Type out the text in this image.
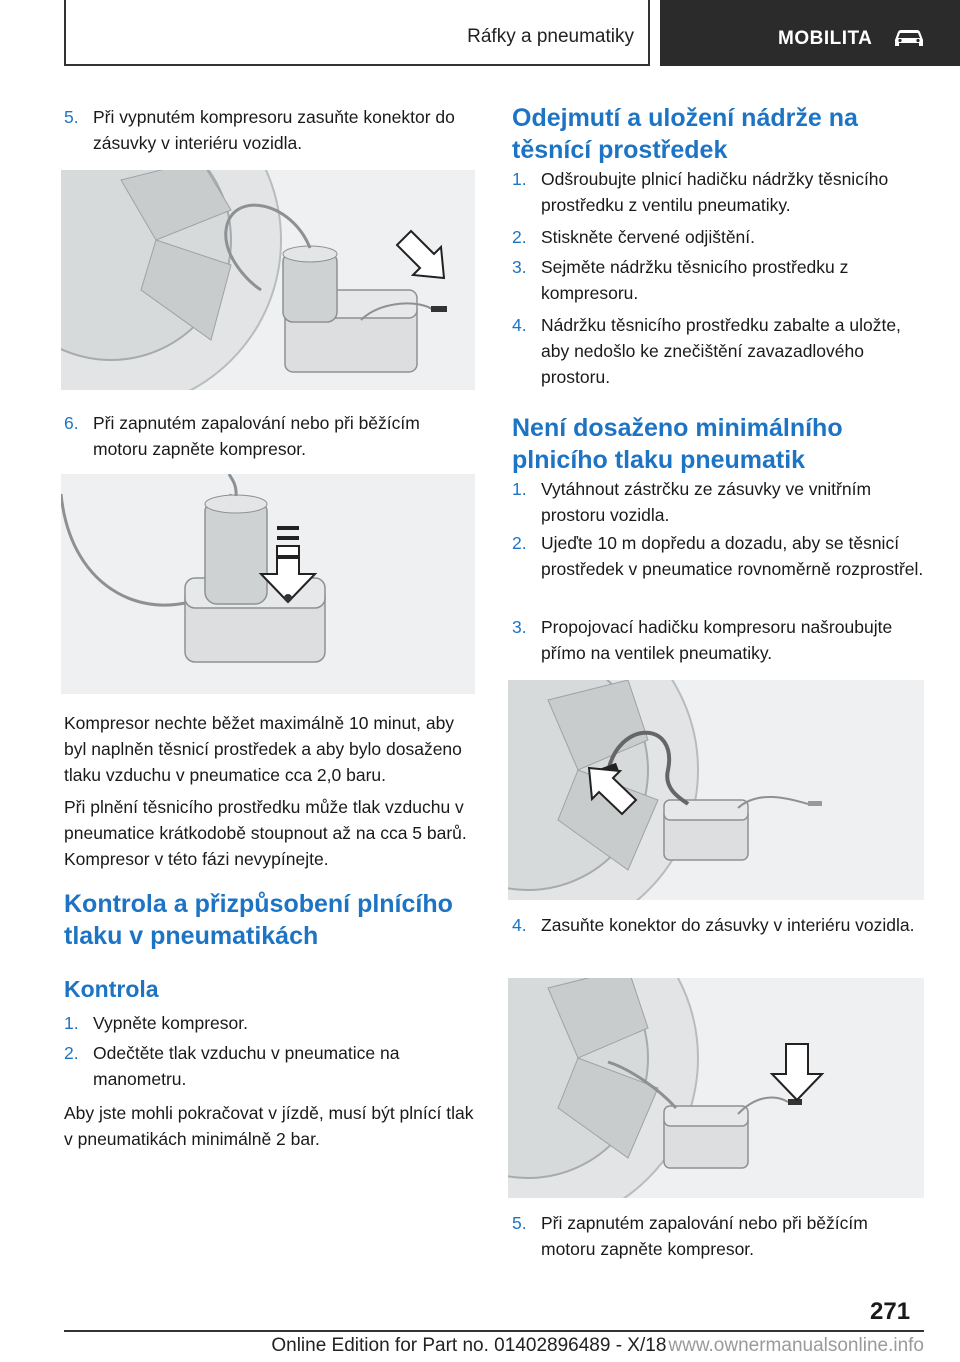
Ráfky a pneumatiky	MOBILITA
5. Při vypnutém kompresoru zasuňte konektor do zásuvky v interiéru vozidla.
6. Při zapnutém zapalování nebo při běžícím motoru zapněte kompresor.
Kompresor nechte běžet maximálně 10 minut, aby byl naplněn těsnicí prostředek a aby bylo dosaženo tlaku vzduchu v pneumatice cca 2,0 baru.
Při plnění těsnicího prostředku může tlak vzduchu v pneumatice krátkodobě stoupnout až na cca 5 barů. Kompresor v této fázi nevypínejte.
Kontrola a přizpůsobení plnícího tlaku v pneumatikách
Kontrola
1. Vypněte kompresor.
2. Odečtěte tlak vzduchu v pneumatice na manometru.
Aby jste mohli pokračovat v jízdě, musí být plnící tlak v pneumatikách minimálně 2 bar.
Odejmutí a uložení nádrže na těsnící prostředek
1. Odšroubujte plnicí hadičku nádržky těsnicího prostředku z ventilu pneumatiky.
2. Stiskněte červené odjištění.
3. Sejměte nádržku těsnicího prostředku z kompresoru.
4. Nádržku těsnicího prostředku zabalte a uložte, aby nedošlo ke znečištění zavazadlového prostoru.
Není dosaženo minimálního plnicího tlaku pneumatik
1. Vytáhnout zástrčku ze zásuvky ve vnitřním prostoru vozidla.
2. Ujeďte 10 m dopředu a dozadu, aby se těsnicí prostředek v pneumatice rovnoměrně rozprostřel.
3. Propojovací hadičku kompresoru našroubujte přímo na ventilek pneumatiky.
4. Zasuňte konektor do zásuvky v interiéru vozidla.
5. Při zapnutém zapalování nebo při běžícím motoru zapněte kompresor.
271
Online Edition for Part no. 01402896489 - X/18 www.ownermanualsonline.info
